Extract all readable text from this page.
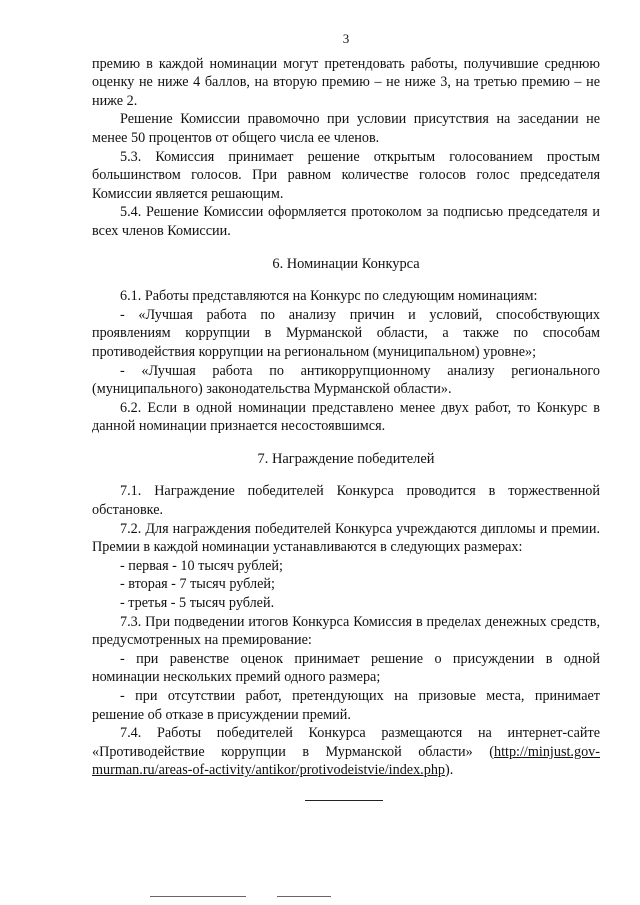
3

премию в каждой номинации могут претендовать работы, получившие среднюю оценку не ниже 4 баллов, на вторую премию – не ниже 3, на третью премию – не ниже 2.

Решение Комиссии правомочно при условии присутствия на заседании не менее 50 процентов от общего числа ее членов.

5.3. Комиссия принимает решение открытым голосованием простым большинством голосов. При равном количестве голосов голос председателя Комиссии является решающим.

5.4. Решение Комиссии оформляется протоколом за подписью председателя и всех членов Комиссии.

6. Номинации Конкурса

6.1. Работы представляются на Конкурс по следующим номинациям:

- «Лучшая работа по анализу причин и условий, способствующих проявлениям коррупции в Мурманской области, а также по способам противодействия коррупции на региональном (муниципальном) уровне»;

- «Лучшая работа по антикоррупционному анализу регионального (муниципального) законодательства Мурманской области».

6.2. Если в одной номинации представлено менее двух работ, то Конкурс в данной номинации признается несостоявшимся.

7. Награждение победителей

7.1. Награждение победителей Конкурса проводится в торжественной обстановке.

7.2. Для награждения победителей Конкурса учреждаются дипломы и премии. Премии в каждой номинации устанавливаются в следующих размерах:

- первая - 10 тысяч рублей;

- вторая - 7 тысяч рублей;

- третья - 5 тысяч рублей.

7.3. При подведении итогов Конкурса Комиссия в пределах денежных средств, предусмотренных на премирование:

- при равенстве оценок принимает решение о присуждении в одной номинации нескольких премий одного размера;

- при отсутствии работ, претендующих на призовые места, принимает решение об отказе в присуждении премий.

7.4. Работы победителей Конкурса размещаются на интернет-сайте «Противодействие коррупции в Мурманской области» (http://minjust.gov-murman.ru/areas-of-activity/antikor/protivodeistvie/index.php).
